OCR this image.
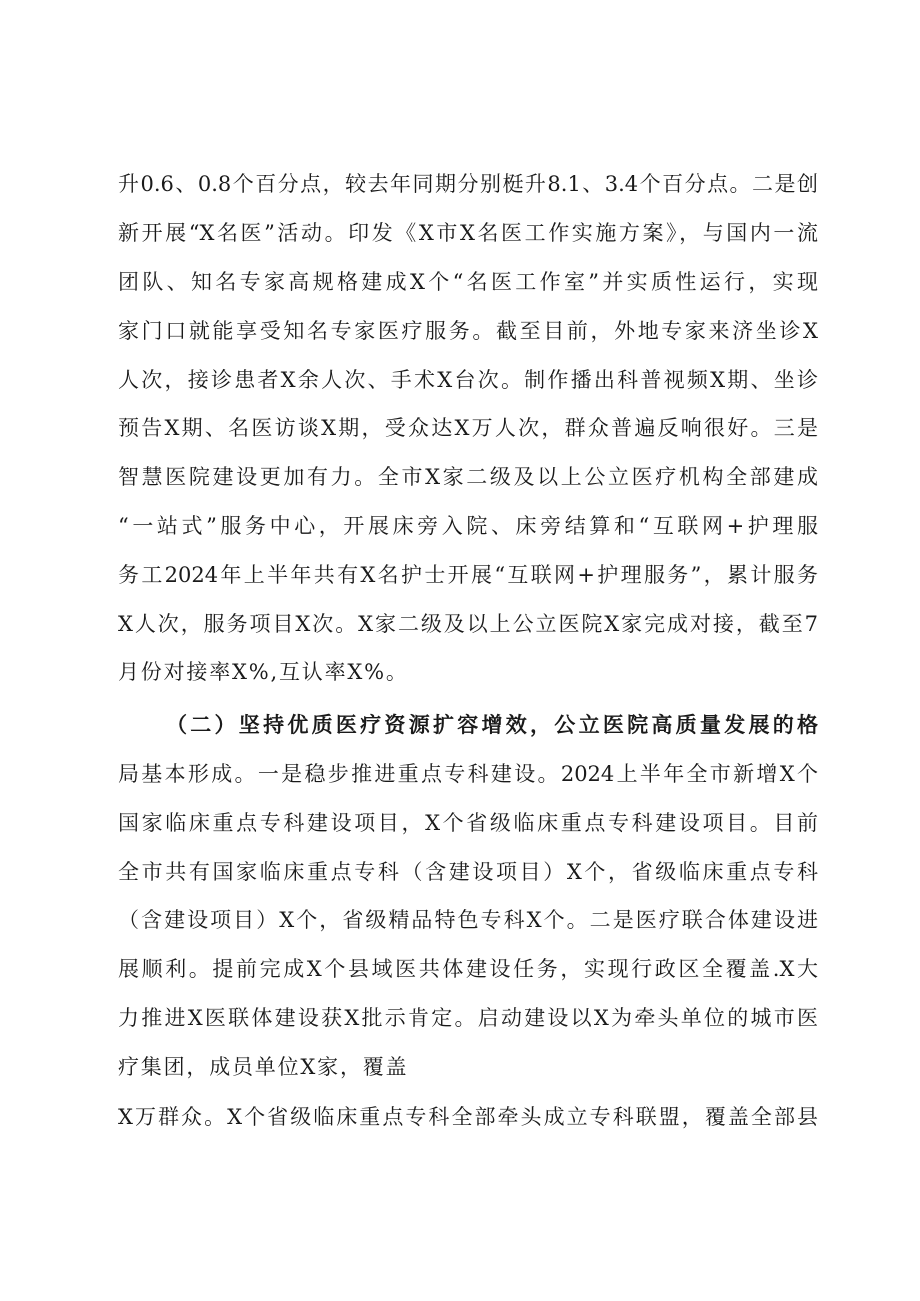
升0.6、0.8个百分点，较去年同期分别梃升8.1、3.4个百分点。二是创
新开展“X名医”活动。印发《X市X名医工作实施方案》，与国内一流
团队、知名专家高规格建成X个“名医工作室”并实质性运行，实现
家门口就能享受知名专家医疗服务。截至目前，外地专家来济坐诊X
人次，接诊患者X余人次、手术X台次。制作播出科普视频X期、坐诊
预告X期、名医访谈X期，受众达X万人次，群众普遍反响很好。三是
智慧医院建设更加有力。全市X家二级及以上公立医疗机构全部建成
“一站式”服务中心，开展床旁入院、床旁结算和“互联网+护理服
务工2024年上半年共有X名护士开展“互联网+护理服务”，累计服务
X人次，服务项目X次。X家二级及以上公立医院X家完成对接，截至7
月份对接率X%,互认率X%。
（二）坚持优质医疗资源扩容增效，公立医院高质量发展的格
局基本形成。一是稳步推进重点专科建设。2024上半年全市新增X个
国家临床重点专科建设项目，X个省级临床重点专科建设项目。目前
全市共有国家临床重点专科（含建设项目）X个，省级临床重点专科
（含建设项目）X个，省级精品特色专科X个。二是医疗联合体建设进
展顺利。提前完成X个县域医共体建设任务，实现行政区全覆盖.X大
力推进X医联体建设获X批示肯定。启动建设以X为牵头单位的城市医
疗集团，成员单位X家，覆盖
X万群众。X个省级临床重点专科全部牵头成立专科联盟，覆盖全部县
